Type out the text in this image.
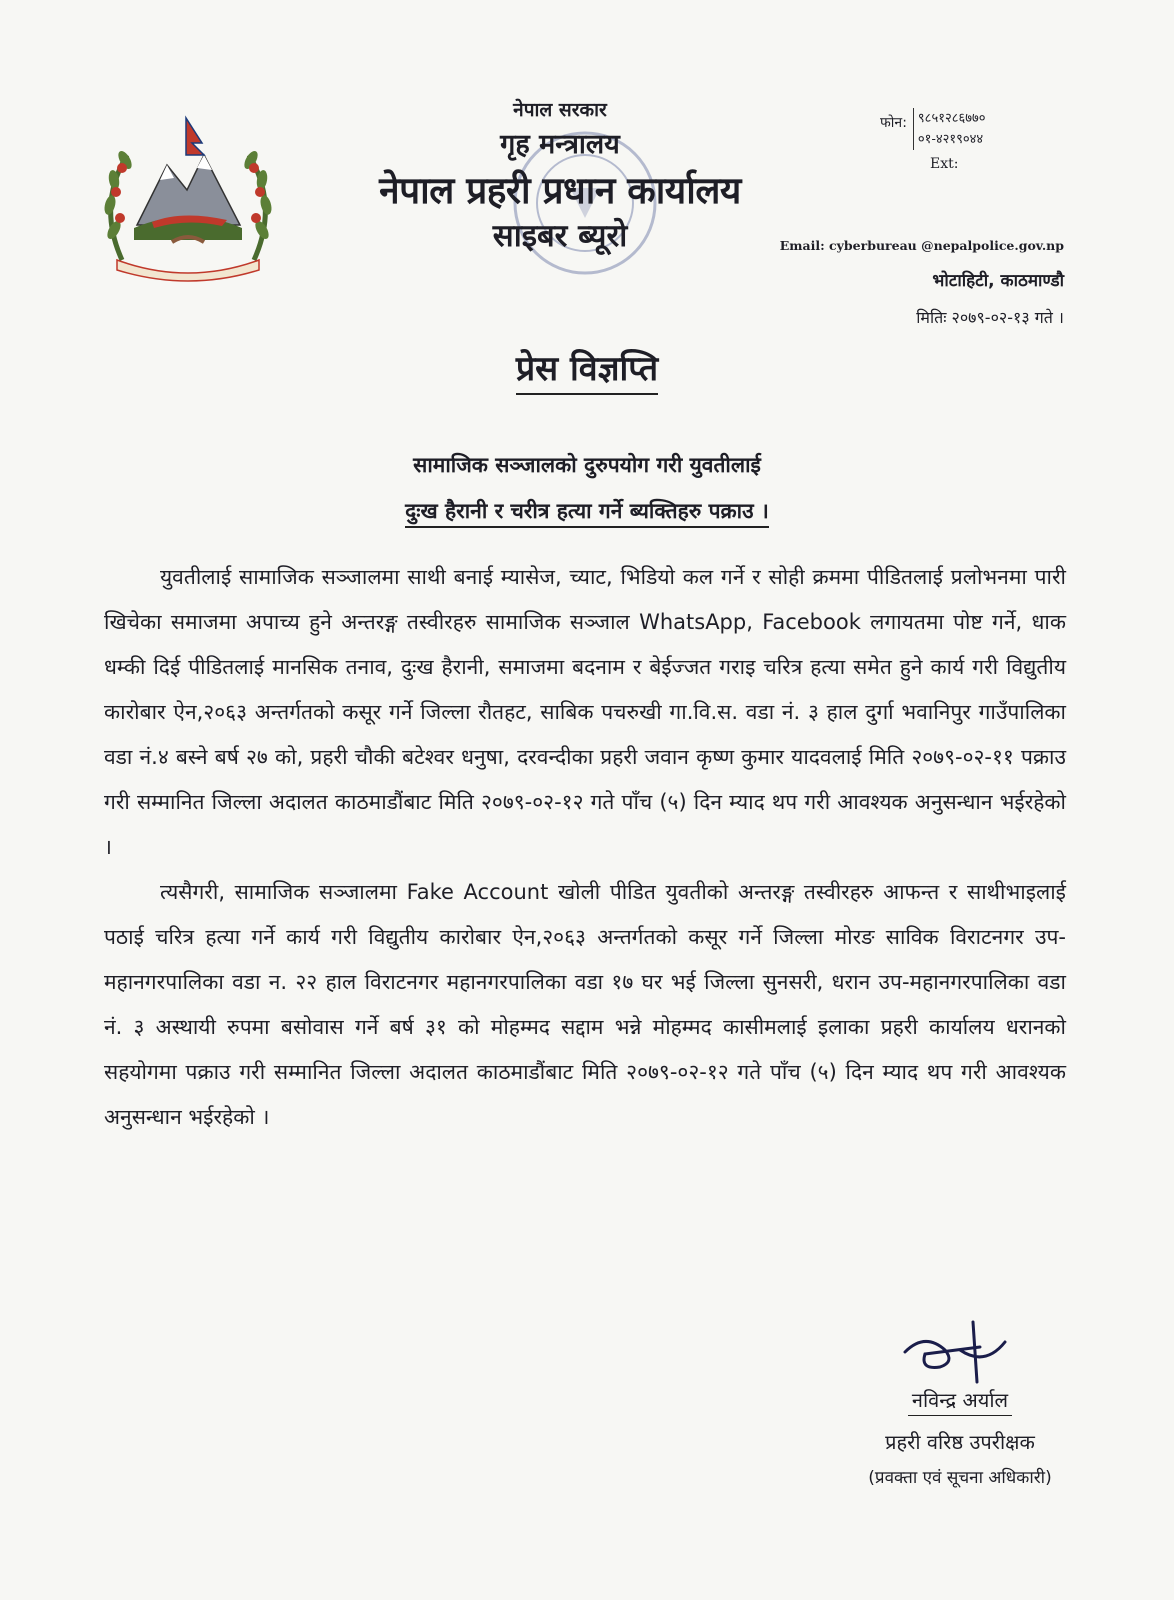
नेपाल सरकार
गृह मन्त्रालय
नेपाल प्रहरी प्रधान कार्यालय
साइबर ब्यूरो
फोन: ९८५१२८६७७०
०१-४२१९०४४
Ext:
Email: cyberbureau @nepalpolice.gov.np
भोटाहिटी, काठमाण्डौ
मितिः २०७९-०२-१३ गते ।
प्रेस विज्ञप्ति
सामाजिक सञ्जालको दुरुपयोग गरी युवतीलाई
दुःख हैरानी र चरीत्र हत्या गर्ने ब्यक्तिहरु पक्राउ ।

युवतीलाई सामाजिक सञ्जालमा साथी बनाई म्यासेज, च्याट, भिडियो कल गर्ने र सोही क्रममा पीडितलाई प्रलोभनमा पारी खिचेका समाजमा अपाच्य हुने अन्तरङ्ग तस्वीरहरु सामाजिक सञ्जाल WhatsApp, Facebook लगायतमा पोष्ट गर्ने, धाक धम्की दिई पीडितलाई मानसिक तनाव, दुःख हैरानी, समाजमा बदनाम र बेईज्जत गराइ चरित्र हत्या समेत हुने कार्य गरी विद्युतीय कारोबार ऐन,२०६३ अन्तर्गतको कसूर गर्ने जिल्ला रौतहट, साबिक पचरुखी गा.वि.स. वडा नं. ३ हाल दुर्गा भवानिपुर गाउँपालिका वडा नं.४ बस्ने बर्ष २७ को, प्रहरी चौकी बटेश्वर धनुषा, दरवन्दीका प्रहरी जवान कृष्ण कुमार यादवलाई मिति २०७९-०२-११ पक्राउ गरी सम्मानित जिल्ला अदालत काठमाडौंबाट मिति २०७९-०२-१२ गते पाँच (५) दिन म्याद थप गरी आवश्यक अनुसन्धान भईरहेको ।

त्यसैगरी, सामाजिक सञ्जालमा Fake Account खोली पीडित युवतीको अन्तरङ्ग तस्वीरहरु आफन्त र साथीभाइलाई पठाई चरित्र हत्या गर्ने कार्य गरी विद्युतीय कारोबार ऐन,२०६३ अन्तर्गतको कसूर गर्ने जिल्ला मोरङ साविक विराटनगर उप-महानगरपालिका वडा न. २२ हाल विराटनगर महानगरपालिका वडा १७ घर भई जिल्ला सुनसरी, धरान उप-महानगरपालिका वडा नं. ३ अस्थायी रुपमा बसोवास गर्ने बर्ष ३१ को मोहम्मद सद्दाम भन्ने मोहम्मद कासीमलाई इलाका प्रहरी कार्यालय धरानको सहयोगमा पक्राउ गरी सम्मानित जिल्ला अदालत काठमाडौंबाट मिति २०७९-०२-१२ गते पाँच (५) दिन म्याद थप गरी आवश्यक अनुसन्धान भईरहेको ।

नविन्द्र अर्याल
प्रहरी वरिष्ठ उपरीक्षक
(प्रवक्ता एवं सूचना अधिकारी)
